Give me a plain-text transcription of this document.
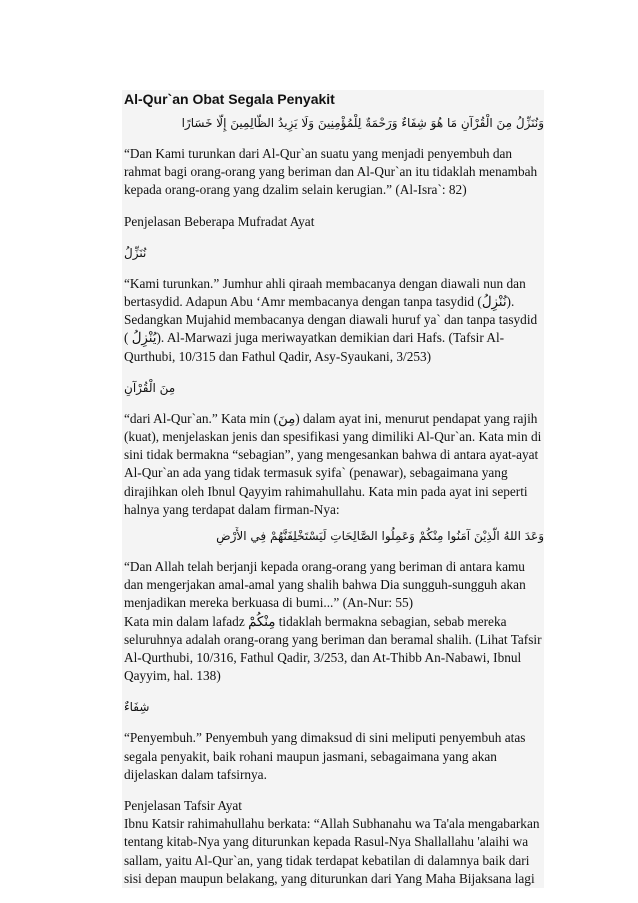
Al-Qur`an Obat Segala Penyakit
وَنُنَزِّلُ مِنَ الْقُرْآنِ مَا هُوَ شِفَاءٌ وَرَحْمَةٌ لِلْمُؤْمِنِينَ وَلَا يَزِيدُ الظَّالِمِينَ إِلَّا خَسَارًا

“Dan Kami turunkan dari Al-Qur`an suatu yang menjadi penyembuh dan rahmat bagi orang-orang yang beriman dan Al-Qur`an itu tidaklah menambah kepada orang-orang yang dzalim selain kerugian.” (Al-Isra`: 82)

Penjelasan Beberapa Mufradat Ayat

نُنَزِّلُ

“Kami turunkan.” Jumhur ahli qiraah membacanya dengan diawali nun dan bertasydid. Adapun Abu ‘Amr membacanya dengan tanpa tasydid (نُنْزِلُ). Sedangkan Mujahid membacanya dengan diawali huruf ya` dan tanpa tasydid ( يُنْزِلُ). Al-Marwazi juga meriwayatkan demikian dari Hafs. (Tafsir Al-Qurthubi, 10/315 dan Fathul Qadir, Asy-Syaukani, 3/253)

مِنَ الْقُرْآنِ

“dari Al-Qur`an.” Kata min (مِنَ) dalam ayat ini, menurut pendapat yang rajih (kuat), menjelaskan jenis dan spesifikasi yang dimiliki Al-Qur`an. Kata min di sini tidak bermakna “sebagian”, yang mengesankan bahwa di antara ayat-ayat Al-Qur`an ada yang tidak termasuk syifa` (penawar), sebagaimana yang dirajihkan oleh Ibnul Qayyim rahimahullahu. Kata min pada ayat ini seperti halnya yang terdapat dalam firman-Nya:

وَعَدَ اللهُ الَّذِيْنَ آمَنُوا مِنْكُمْ وَعَمِلُوا الصَّالِحَاتِ لَيَسْتَخْلِفَنَّهُمْ فِي الأَرْضِ

“Dan Allah telah berjanji kepada orang-orang yang beriman di antara kamu dan mengerjakan amal-amal yang shalih bahwa Dia sungguh-sungguh akan menjadikan mereka berkuasa di bumi...” (An-Nur: 55)

Kata min dalam lafadz مِنْكُمْ tidaklah bermakna sebagian, sebab mereka seluruhnya adalah orang-orang yang beriman dan beramal shalih. (Lihat Tafsir Al-Qurthubi, 10/316, Fathul Qadir, 3/253, dan At-Thibb An-Nabawi, Ibnul Qayyim, hal. 138)

شِفَاءٌ

“Penyembuh.” Penyembuh yang dimaksud di sini meliputi penyembuh atas segala penyakit, baik rohani maupun jasmani, sebagaimana yang akan dijelaskan dalam tafsirnya.

Penjelasan Tafsir Ayat

Ibnu Katsir rahimahullahu berkata: “Allah Subhanahu wa Ta'ala mengabarkan tentang kitab-Nya yang diturunkan kepada Rasul-Nya Shallallahu 'alaihi wa sallam, yaitu Al-Qur`an, yang tidak terdapat kebatilan di dalamnya baik dari sisi depan maupun belakang, yang diturunkan dari Yang Maha Bijaksana lagi
